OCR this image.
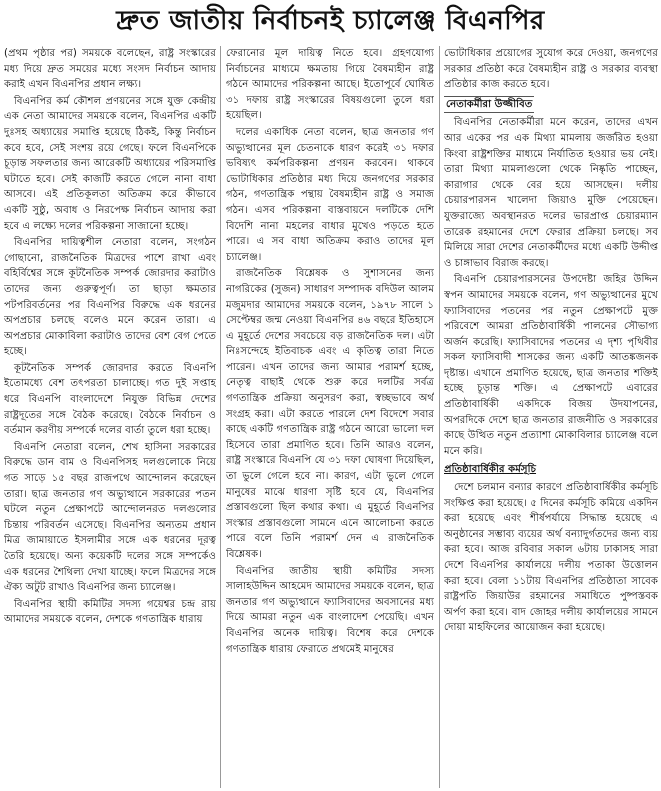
দ্রুত জাতীয় নির্বাচনই চ্যালেঞ্জ বিএনপির

(প্রথম পৃষ্ঠার পর) সময়কে বলেছেন, রাষ্ট্র সংস্কারের মধ্য দিয়ে দ্রুত সময়ের মধ্যে সংসদ নির্বাচন আদায় করাই এখন বিএনপির প্রধান লক্ষ্য।

বিএনপির কর্ম কৌশল প্রণয়নের সঙ্গে যুক্ত কেন্দ্রীয় এক নেতা আমাদের সময়কে বলেন, বিএনপির একটি দুঃসহ অধ্যায়ের সমাপ্তি হয়েছে ঠিকই, কিন্তু নির্বাচন কবে হবে, সেই সংশয় রয়ে গেছে। ফলে বিএনপিকে চূড়ান্ত সফলতার জন্য আরেকটি অধ্যায়ের পরিসমাপ্তি ঘটাতে হবে। সেই কাজটি করতে গেলে নানা বাধা আসবে। এই প্রতিকূলতা অতিক্রম করে কীভাবে একটি সুষ্ঠু, অবাধ ও নিরপেক্ষ নির্বাচন আদায় করা হবে এ লক্ষ্যে দলের পরিকল্পনা সাজানো হচ্ছে।

বিএনপির দায়িত্বশীল নেতারা বলেন, সংগঠন গোছানো, রাজনৈতিক মিত্রদের পাশে রাখা এবং বহির্বিশ্বের সঙ্গে কূটনৈতিক সম্পর্ক জোরদার করাটাও তাদের জন্য গুরুত্বপূর্ণ। তা ছাড়া ক্ষমতার পটপরিবর্তনের পর বিএনপির বিরুদ্ধে এক ধরনের অপপ্রচার চলছে বলেও মনে করেন তারা। এ অপপ্রচার মোকাবিলা করাটাও তাদের বেশ বেগ পেতে হচ্ছে।

কূটনৈতিক সম্পর্ক জোরদার করতে বিএনপি ইতোমধ্যে বেশ তৎপরতা চালাচ্ছে। গত দুই সপ্তাহ ধরে বিএনপি বাংলাদেশে নিযুক্ত বিভিন্ন দেশের রাষ্ট্রদূতের সঙ্গে বৈঠক করেছে। বৈঠকে নির্বাচন ও বর্তমান করণীয় সম্পর্কে দলের বার্তা তুলে ধরা হচ্ছে।

বিএনপি নেতারা বলেন, শেখ হাসিনা সরকারের বিরুদ্ধে ডান বাম ও বিএনপিসহ দলগুলোকে নিয়ে গত সাড়ে ১৫ বছর রাজপথে আন্দোলন করেছেন তারা। ছাত্র জনতার গণ অভ্যুত্থানে সরকারের পতন ঘটলে নতুন প্রেক্ষাপটে আন্দোলনরত দলগুলোর চিন্তায় পরিবর্তন এসেছে। বিএনপির অন্যতম প্রধান মিত্র জামায়াতে ইসলামীর সঙ্গে এক ধরনের দূরত্ব তৈরি হয়েছে। অন্য কয়েকটি দলের সঙ্গে সম্পর্কেও এক ধরনের শৈথিল্য দেখা যাচ্ছে। ফলে মিত্রদের সঙ্গে ঐক্য অটুট রাখাও বিএনপির জন্য চ্যালেঞ্জ।

বিএনপির স্থায়ী কমিটির সদস্য গয়েশ্বর চন্দ্র রায় আমাদের সময়কে বলেন, দেশকে গণতান্ত্রিক ধারায়

ফেরানোর মূল দায়িত্ব নিতে হবে। গ্রহণযোগ্য নির্বাচনের মাধ্যমে ক্ষমতায় গিয়ে বৈষম্যহীন রাষ্ট্র গঠনে আমাদের পরিকল্পনা আছে। ইতোপূর্বে ঘোষিত ৩১ দফায় রাষ্ট্র সংস্কারের বিষয়গুলো তুলে ধরা হয়েছিল।

দলের একাধিক নেতা বলেন, ছাত্র জনতার গণ অভ্যুত্থানের মূল চেতনাকে ধারণ করেই ৩১ দফার ভবিষ্যৎ কর্মপরিকল্পনা প্রণয়ন করবেন। থাকবে ভোটাধিকার প্রতিষ্ঠার মধ্য দিয়ে জনগণের সরকার গঠন, গণতান্ত্রিক পন্থায় বৈষম্যহীন রাষ্ট্র ও সমাজ গঠন। এসব পরিকল্পনা বাস্তবায়নে দলটিকে দেশি বিদেশি নানা মহলের বাধার মুখেও পড়তে হতে পারে। এ সব বাধা অতিক্রম করাও তাদের মূল চ্যালেঞ্জ।

রাজনৈতিক বিশ্লেষক ও সুশাসনের জন্য নাগরিকের (সুজন) সাধারণ সম্পাদক বদিউল আলম মজুমদার আমাদের সময়কে বলেন, ১৯৭৮ সালে ১ সেপ্টেম্বর জন্ম নেওয়া বিএনপির ৪৬ বছরে ইতিহাসে এ মুহূর্তে দেশের সবচেয়ে বড় রাজনৈতিক দল। এটা নিঃসন্দেহে ইতিবাচক এবং এ কৃতিত্ব তারা নিতে পারেন। এখন তাদের জন্য আমার পরামর্শ হচ্ছে, নেতৃত্ব বাছাই থেকে শুরু করে দলটির সর্বত্র গণতান্ত্রিক প্রক্রিয়া অনুসরণ করা, স্বচ্ছভাবে অর্থ সংগ্রহ করা। এটা করতে পারলে দেশ বিদেশে সবার কাছে একটি গণতান্ত্রিক রাষ্ট্র গঠনে আরো ভালো দল হিসেবে তারা প্রমাণিত হবে। তিনি আরও বলেন, রাষ্ট্র সংস্কারে বিএনপি যে ৩১ দফা ঘোষণা দিয়েছিল, তা ভুলে গেলে হবে না। কারণ, এটা ভুলে গেলে মানুষের মাঝে ধারণা সৃষ্টি হবে যে, বিএনপির প্রস্তাবগুলো ছিল কথার কথা। এ মুহূর্তে বিএনপির সংস্কার প্রস্তাবগুলো সামনে এনে আলোচনা করতে পারে বলে তিনি পরামর্শ দেন এ রাজনৈতিক বিশ্লেষক।

বিএনপির জাতীয় স্থায়ী কমিটির সদস্য সালাহউদ্দিন আহমেদ আমাদের সময়কে বলেন, ছাত্র জনতার গণ অভ্যুত্থানে ফ্যাসিবাদের অবসানের মধ্য দিয়ে আমরা নতুন এক বাংলাদেশ পেয়েছি। এখন বিএনপির অনেক দায়িত্ব। বিশেষ করে দেশকে গণতান্ত্রিক ধারায় ফেরাতে প্রথমেই মানুষের

ভোটাধিকার প্রয়োগের সুযোগ করে দেওয়া, জনগণের সরকার প্রতিষ্ঠা করে বৈষম্যহীন রাষ্ট্র ও সরকার ব্যবস্থা প্রতিষ্ঠার কাজ করতে হবে।

নেতাকর্মীরা উজ্জীবিত

বিএনপির নেতাকর্মীরা মনে করেন, তাদের এখন আর একের পর এক মিথ্যা মামলায় জর্জরিত হওয়া কিংবা রাষ্ট্রশক্তির মাধ্যমে নির্যাতিত হওয়ার ভয় নেই। তারা মিথ্যা মামলাগুলো থেকে নিষ্কৃতি পাচ্ছেন, কারাগার থেকে বের হয়ে আসছেন। দলীয় চেয়ারপারসন খালেদা জিয়াও মুক্তি পেয়েছেন। যুক্তরাজ্যে অবস্থানরত দলের ভারপ্রাপ্ত চেয়ারম্যান তারেক রহমানের দেশে ফেরার প্রক্রিয়া চলছে। সব মিলিয়ে সারা দেশের নেতাকর্মীদের মধ্যে একটি উদ্দীপ্ত ও চাঙ্গাভাব বিরাজ করছে।

বিএনপি চেয়ারপারসনের উপদেষ্টা জহির উদ্দিন স্বপন আমাদের সময়কে বলেন, গণ অভ্যুত্থানের মুখে ফ্যাসিবাদের পতনের পর নতুন প্রেক্ষাপটে মুক্ত পরিবেশে আমরা প্রতিষ্ঠাবার্ষিকী পালনের সৌভাগ্য অর্জন করেছি। ফ্যাসিবাদের পতনের এ দৃশ্য পৃথিবীর সকল ফ্যাসিবাদী শাসকের জন্য একটি আতঙ্কজনক দৃষ্টান্ত। এখানে প্রমাণিত হয়েছে, ছাত্র জনতার শক্তিই হচ্ছে চূড়ান্ত শক্তি। এ প্রেক্ষাপটে এবারের প্রতিষ্ঠাবার্ষিকী একদিকে বিজয় উদযাপনের, অপরদিকে দেশে ছাত্র জনতার রাজনীতি ও সরকারের কাছে উত্থিত নতুন প্রত্যাশা মোকাবিলার চ্যালেঞ্জ বলে মনে করি।

প্রতিষ্ঠাবার্ষিকীর কর্মসূচি

দেশে চলমান বন্যার কারণে প্রতিষ্ঠাবার্ষিকীর কর্মসূচি সংক্ষিপ্ত করা হয়েছে। ৫ দিনের কর্মসূচি কমিয়ে একদিন করা হয়েছে এবং শীর্ষপর্যায়ে সিদ্ধান্ত হয়েছে এ অনুষ্ঠানের সম্ভাব্য ব্যয়ের অর্থ বন্যাদুর্গতদের জন্য ব্যয় করা হবে। আজ রবিবার সকাল ৬টায় ঢাকাসহ সারা দেশে বিএনপির কার্যালয়ে দলীয় পতাকা উত্তোলন করা হবে। বেলা ১১টায় বিএনপির প্রতিষ্ঠাতা সাবেক রাষ্ট্রপতি জিয়াউর রহমানের সমাধিতে পুষ্পস্তবক অর্পণ করা হবে। বাদ জোহর দলীয় কার্যালয়ের সামনে দোয়া মাহফিলের আয়োজন করা হয়েছে।
